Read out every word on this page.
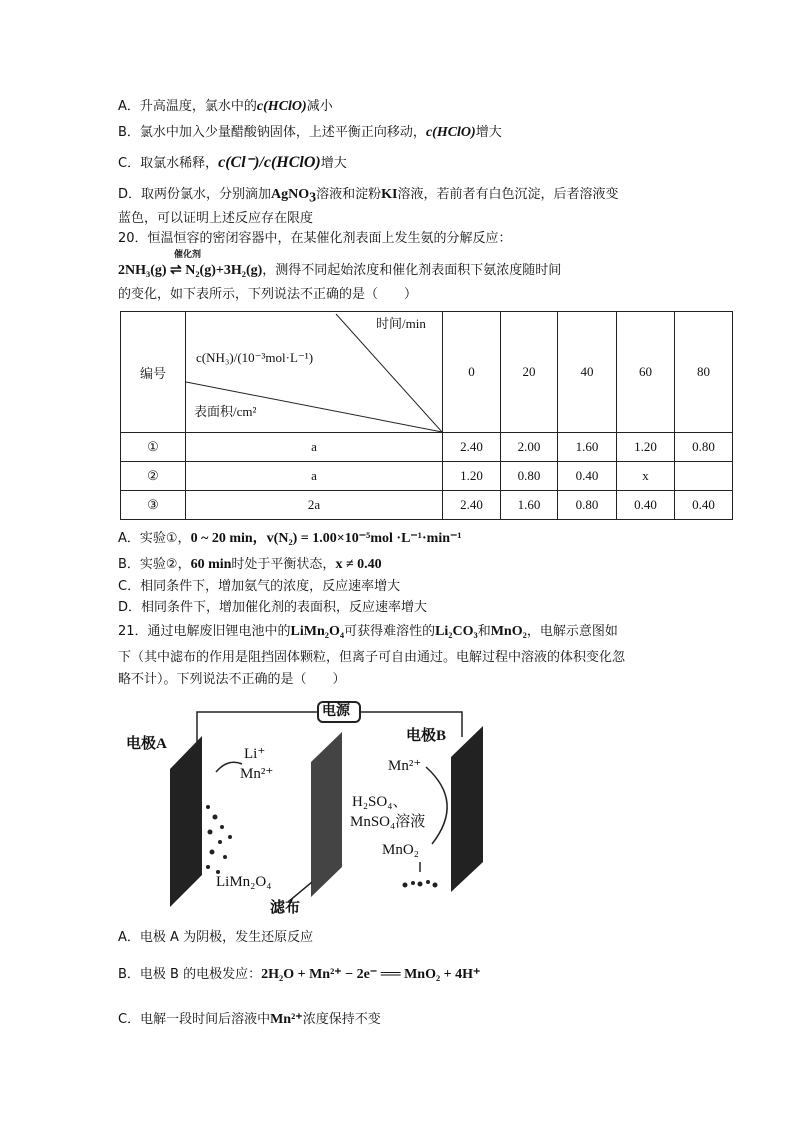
A．升高温度，氯水中的c(HClO)减小
B．氯水中加入少量醋酸钠固体，上述平衡正向移动，c(HClO)增大
C．取氯水稀释，c(Cl⁻)/c(HClO)增大
D．取两份氯水，分别滴加AgNO$_3$溶液和淀粉KI溶液，若前者有白色沉淀，后者溶液变
蓝色，可以证明上述反应存在限度
20．恒温恒容的密闭容器中，在某催化剂表面上发生氨的分解反应：
2NH₃(g) ⇌ N₂(g)+3H₂(g)
催化剂
，测得不同起始浓度和催化剂表面积下氨浓度随时间
的变化，如下表所示，下列说法不正确的是（　　）
编号	时间/min
c(NH₃)/(10⁻³mol·L⁻¹)
表面积/cm²	0	20	40	60	80
①	a	2.40	2.00	1.60	1.20	0.80
②	a	1.20	0.80	0.40	x	
③	2a	2.40	1.60	0.80	0.40	0.40
A．实验①，0 ~ 20 min，v(N₂) = 1.00×10⁻⁵mol ·L⁻¹·min⁻¹
B．实验②，60 min时处于平衡状态，x ≠ 0.40
C．相同条件下，增加氨气的浓度，反应速率增大
D．相同条件下，增加催化剂的表面积，反应速率增大
21．通过电解废旧锂电池中的LiMn₂O₄可获得难溶性的Li₂CO₃和MnO₂，电解示意图如
下（其中滤布的作用是阻挡固体颗粒，但离子可自由通过。电解过程中溶液的体积变化忽
略不计）。下列说法不正确的是（　　）
电源
电极A	电极B
Li⁺
Mn²⁺	Mn²⁺
H₂SO₄、
MnSO₄溶液
MnO₂
LiMn₂O₄
滤布
A．电极 A 为阴极，发生还原反应
B．电极 B 的电极发应：2H₂O + Mn²⁺ − 2e⁻ ══ MnO₂ + 4H⁺
C．电解一段时间后溶液中Mn²⁺浓度保持不变
